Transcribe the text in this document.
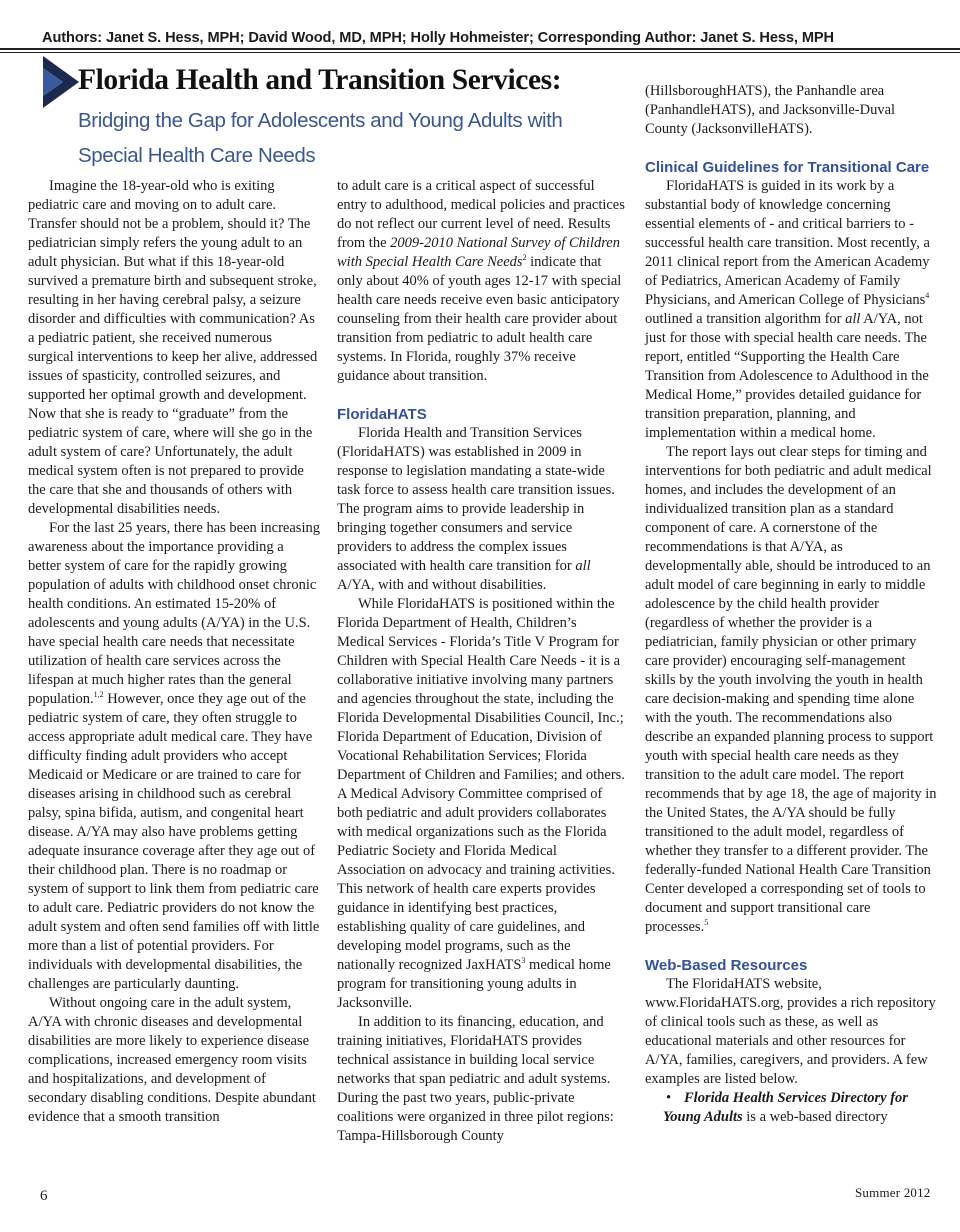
Authors: Janet S. Hess, MPH; David Wood, MD, MPH; Holly Hohmeister; Corresponding Author: Janet S. Hess, MPH
Florida Health and Transition Services:
Bridging the Gap for Adolescents and Young Adults with Special Health Care Needs

Imagine the 18-year-old who is exiting pediatric care and moving on to adult care. Transfer should not be a problem, should it? The pediatrician simply refers the young adult to an adult physician. But what if this 18-year-old survived a premature birth and subsequent stroke, resulting in her having cerebral palsy, a seizure disorder and difficulties with communication? As a pediatric patient, she received numerous surgical interventions to keep her alive, addressed issues of spasticity, controlled seizures, and supported her optimal growth and development. Now that she is ready to “graduate” from the pediatric system of care, where will she go in the adult system of care? Unfortunately, the adult medical system often is not prepared to provide the care that she and thousands of others with developmental disabilities needs.

For the last 25 years, there has been increasing awareness about the importance providing a better system of care for the rapidly growing population of adults with childhood onset chronic health conditions. An estimated 15-20% of adolescents and young adults (A/YA) in the U.S. have special health care needs that necessitate utilization of health care services across the lifespan at much higher rates than the general population.$^{1,2}$ However, once they age out of the pediatric system of care, they often struggle to access appropriate adult medical care. They have difficulty finding adult providers who accept Medicaid or Medicare or are trained to care for diseases arising in childhood such as cerebral palsy, spina bifida, autism, and congenital heart disease. A/YA may also have problems getting adequate insurance coverage after they age out of their childhood plan. There is no roadmap or system of support to link them from pediatric care to adult care. Pediatric providers do not know the adult system and often send families off with little more than a list of potential providers. For individuals with developmental disabilities, the challenges are particularly daunting.

Without ongoing care in the adult system, A/YA with chronic diseases and developmental disabilities are more likely to experience disease complications, increased emergency room visits and hospitalizations, and development of secondary disabling conditions. Despite abundant evidence that a smooth transition

to adult care is a critical aspect of successful entry to adulthood, medical policies and practices do not reflect our current level of need. Results from the 2009-2010 National Survey of Children with Special Health Care Needs$^2$ indicate that only about 40% of youth ages 12-17 with special health care needs receive even basic anticipatory counseling from their health care provider about transition from pediatric to adult health care systems. In Florida, roughly 37% receive guidance about transition.

FloridaHATS

Florida Health and Transition Services (FloridaHATS) was established in 2009 in response to legislation mandating a state-wide task force to assess health care transition issues. The program aims to provide leadership in bringing together consumers and service providers to address the complex issues associated with health care transition for all A/YA, with and without disabilities.

While FloridaHATS is positioned within the Florida Department of Health, Children’s Medical Services - Florida’s Title V Program for Children with Special Health Care Needs - it is a collaborative initiative involving many partners and agencies throughout the state, including the Florida Developmental Disabilities Council, Inc.; Florida Department of Education, Division of Vocational Rehabilitation Services; Florida Department of Children and Families; and others. A Medical Advisory Committee comprised of both pediatric and adult providers collaborates with medical organizations such as the Florida Pediatric Society and Florida Medical Association on advocacy and training activities. This network of health care experts provides guidance in identifying best practices, establishing quality of care guidelines, and developing model programs, such as the nationally recognized JaxHATS$^3$ medical home program for transitioning young adults in Jacksonville.

In addition to its financing, education, and training initiatives, FloridaHATS provides technical assistance in building local service networks that span pediatric and adult systems. During the past two years, public-private coalitions were organized in three pilot regions: Tampa-Hillsborough County

(HillsboroughHATS), the Panhandle area (PanhandleHATS), and Jacksonville-Duval County (JacksonvilleHATS).

Clinical Guidelines for Transitional Care

FloridaHATS is guided in its work by a substantial body of knowledge concerning essential elements of - and critical barriers to - successful health care transition. Most recently, a 2011 clinical report from the American Academy of Pediatrics, American Academy of Family Physicians, and American College of Physicians$^4$ outlined a transition algorithm for all A/YA, not just for those with special health care needs. The report, entitled “Supporting the Health Care Transition from Adolescence to Adulthood in the Medical Home,” provides detailed guidance for transition preparation, planning, and implementation within a medical home.

The report lays out clear steps for timing and interventions for both pediatric and adult medical homes, and includes the development of an individualized transition plan as a standard component of care. A cornerstone of the recommendations is that A/YA, as developmentally able, should be introduced to an adult model of care beginning in early to middle adolescence by the child health provider (regardless of whether the provider is a pediatrician, family physician or other primary care provider) encouraging self-management skills by the youth involving the youth in health care decision-making and spending time alone with the youth. The recommendations also describe an expanded planning process to support youth with special health care needs as they transition to the adult care model. The report recommends that by age 18, the age of majority in the United States, the A/YA should be fully transitioned to the adult model, regardless of whether they transfer to a different provider. The federally-funded National Health Care Transition Center developed a corresponding set of tools to document and support transitional care processes.$^5$

Web-Based Resources

The FloridaHATS website, www.FloridaHATS.org, provides a rich repository of clinical tools such as these, as well as educational materials and other resources for A/YA, families, caregivers, and providers. A few examples are listed below.

• Florida Health Services Directory for Young Adults is a web-based directory

6	Summer 2012
